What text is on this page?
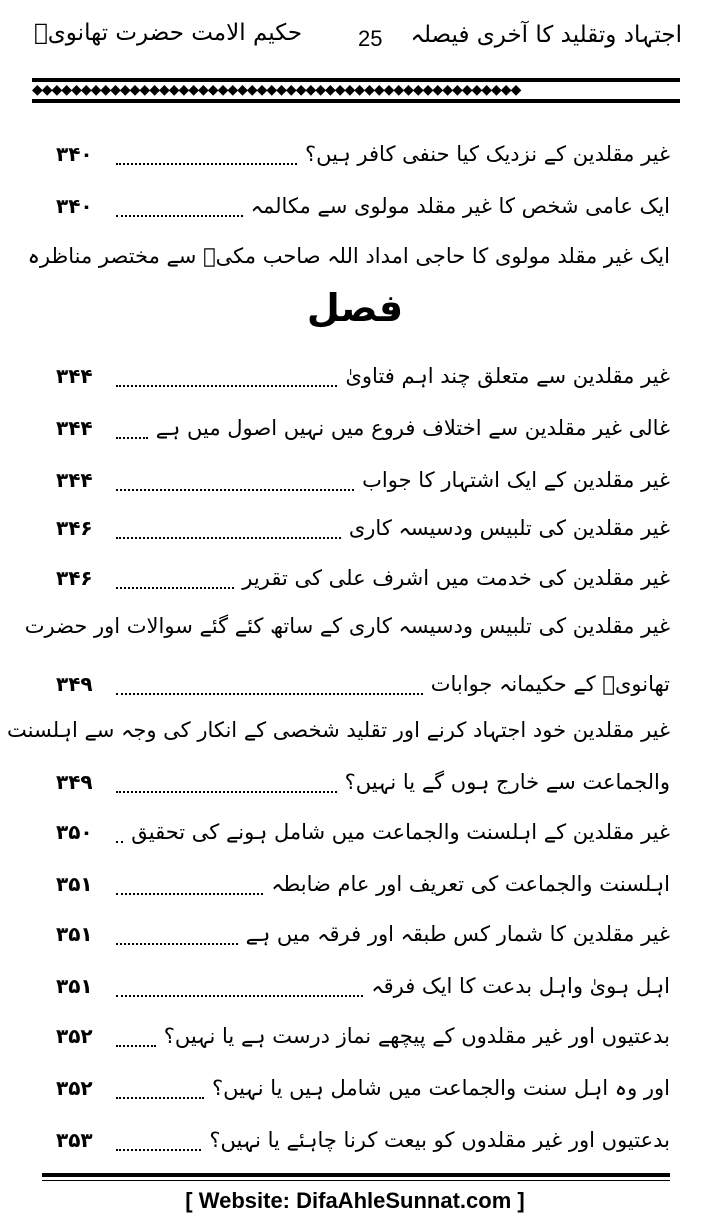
اجتہاد وتقلید کا آخری فیصلہ
25
حکیم الامت حضرت تھانویؒ
◆◆◆◆◆◆◆◆◆◆◆◆◆◆◆◆◆◆◆◆◆◆◆◆◆◆◆◆◆◆◆◆◆◆◆◆◆◆◆◆◆◆◆◆◆◆◆◆◆◆
غیر مقلدین کے نزدیک کیا حنفی کافر ہیں؟
۳۴۰
ایک عامی شخص کا غیر مقلد مولوی سے مکالمہ
۳۴۰
ایک غیر مقلد مولوی کا حاجی امداد اللہ صاحب مکیؒ سے مختصر مناظرہ
فصل
غیر مقلدین سے متعلق چند اہم فتاویٰ
۳۴۴
غالی غیر مقلدین سے اختلاف فروع میں نہیں اصول میں ہے
۳۴۴
غیر مقلدین کے ایک اشتہار کا جواب
۳۴۴
غیر مقلدین کی تلبیس ودسیسہ کاری
۳۴۶
غیر مقلدین کی خدمت میں اشرف علی کی تقریر
۳۴۶
غیر مقلدین کی تلبیس ودسیسہ کاری کے ساتھ کئے گئے سوالات اور حضرت
تھانویؒ کے حکیمانہ جوابات
۳۴۹
غیر مقلدین خود اجتہاد کرنے اور تقلید شخصی کے انکار کی وجہ سے اہلسنت
والجماعت سے خارج ہوں گے یا نہیں؟
۳۴۹
غیر مقلدین کے اہلسنت والجماعت میں شامل ہونے کی تحقیق
۳۵۰
اہلسنت والجماعت کی تعریف اور عام ضابطہ
۳۵۱
غیر مقلدین کا شمار کس طبقہ اور فرقہ میں ہے
۳۵۱
اہل ہویٰ واہل بدعت کا ایک فرقہ
۳۵۱
بدعتیوں اور غیر مقلدوں کے پیچھے نماز درست ہے یا نہیں؟
۳۵۲
اور وہ اہل سنت والجماعت میں شامل ہیں یا نہیں؟
۳۵۲
بدعتیوں اور غیر مقلدوں کو بیعت کرنا چاہئے یا نہیں؟
۳۵۳
[ Website: DifaAhleSunnat.com ]
